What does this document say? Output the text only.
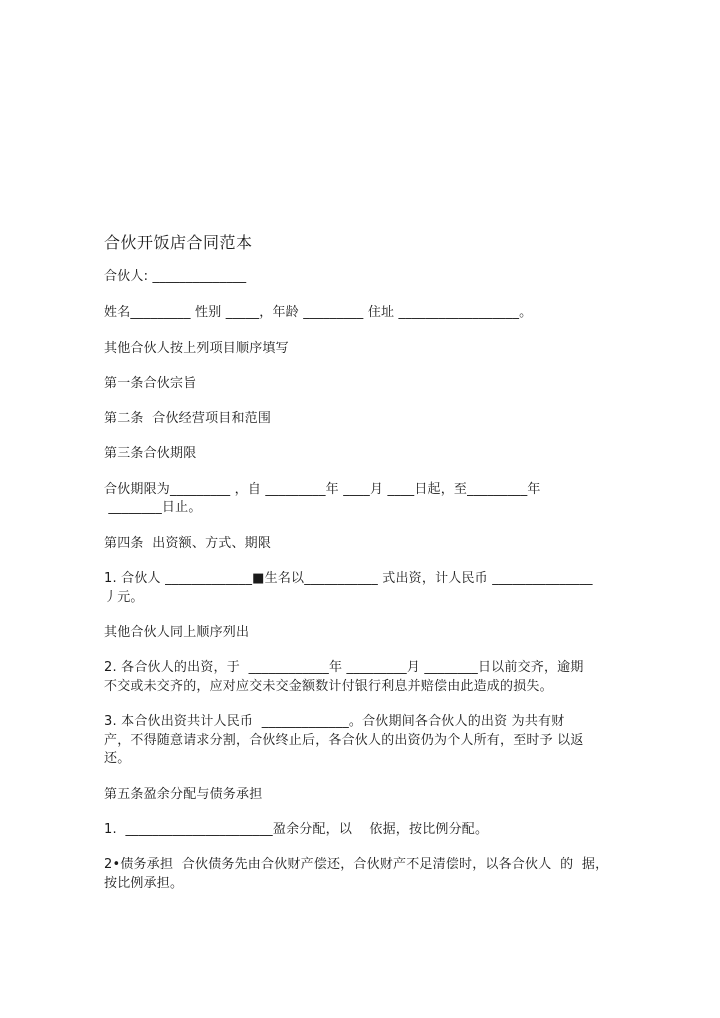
合伙开饭店合同范本
合伙人: ______________
姓名_________ 性别 _____，年龄 _________ 住址 __________________。
其他合伙人按上列项目顺序填写
第一条合伙宗旨
第二条  合伙经营项目和范围
第三条合伙期限
合伙期限为_________ ，自 _________年 ____月 ____日起，至_________年
________日止。
第四条  出资额、方式、期限
1. 合伙人 _____________■生名以___________ 式出资，计人民币 _______________
丿元。
其他合伙人同上顺序列出
2. 各合伙人的出资，于  ____________年 _________月 ________日以前交齐，逾期
不交或未交齐的，应对应交未交金额数计付银行利息并赔偿由此造成的损失。
3. 本合伙出资共计人民币  _____________。合伙期间各合伙人的出资 为共有财
产，不得随意请求分割，合伙终止后，各合伙人的出资仍为个人所有，至时予 以返
还。
第五条盈余分配与债务承担
1.  ______________________盈余分配，以    依据，按比例分配。
2•债务承担  合伙债务先由合伙财产偿还，合伙财产不足清偿时，以各合伙人  的  据，
按比例承担。
